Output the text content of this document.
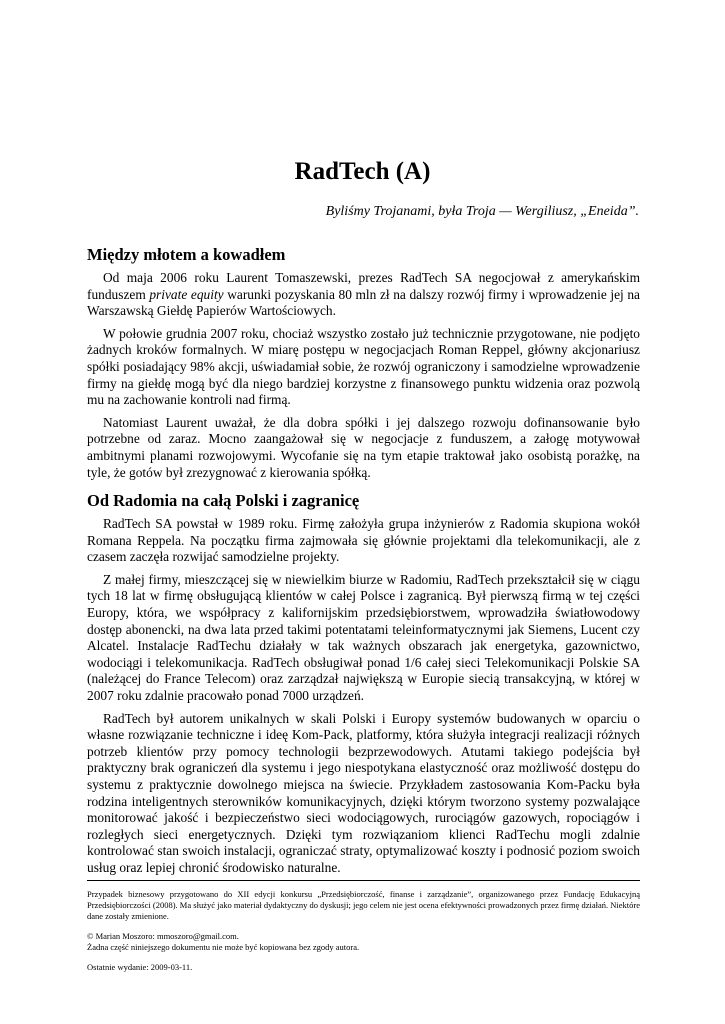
RadTech (A)

Byliśmy Trojanami, była Troja — Wergiliusz, „Eneida”.

Między młotem a kowadłem

Od maja 2006 roku Laurent Tomaszewski, prezes RadTech SA negocjował z amerykańskim funduszem private equity warunki pozyskania 80 mln zł na dalszy rozwój firmy i wprowadzenie jej na Warszawską Giełdę Papierów Wartościowych.

W połowie grudnia 2007 roku, chociaż wszystko zostało już technicznie przygotowane, nie podjęto żadnych kroków formalnych. W miarę postępu w negocjacjach Roman Reppel, główny akcjonariusz spółki posiadający 98% akcji, uświadamiał sobie, że rozwój ograniczony i samodzielne wprowadzenie firmy na giełdę mogą być dla niego bardziej korzystne z finansowego punktu widzenia oraz pozwolą mu na zachowanie kontroli nad firmą.

Natomiast Laurent uważał, że dla dobra spółki i jej dalszego rozwoju dofinansowanie było potrzebne od zaraz. Mocno zaangażował się w negocjacje z funduszem, a załogę motywował ambitnymi planami rozwojowymi. Wycofanie się na tym etapie traktował jako osobistą porażkę, na tyle, że gotów był zrezygnować z kierowania spółką.

Od Radomia na całą Polski i zagranicę

RadTech SA powstał w 1989 roku. Firmę założyła grupa inżynierów z Radomia skupiona wokół Romana Reppela. Na początku firma zajmowała się głównie projektami dla telekomunikacji, ale z czasem zaczęła rozwijać samodzielne projekty.

Z małej firmy, mieszczącej się w niewielkim biurze w Radomiu, RadTech przekształcił się w ciągu tych 18 lat w firmę obsługującą klientów w całej Polsce i zagranicą. Był pierwszą firmą w tej części Europy, która, we współpracy z kalifornijskim przedsiębiorstwem, wprowadziła światłowodowy dostęp abonencki, na dwa lata przed takimi potentatami teleinformatycznymi jak Siemens, Lucent czy Alcatel. Instalacje RadTechu działały w tak ważnych obszarach jak energetyka, gazownictwo, wodociągi i telekomunikacja. RadTech obsługiwał ponad 1/6 całej sieci Telekomunikacji Polskie SA (należącej do France Telecom) oraz zarządzał największą w Europie siecią transakcyjną, w której w 2007 roku zdalnie pracowało ponad 7000 urządzeń.

RadTech był autorem unikalnych w skali Polski i Europy systemów budowanych w oparciu o własne rozwiązanie techniczne i ideę Kom-Pack, platformy, która służyła integracji realizacji różnych potrzeb klientów przy pomocy technologii bezprzewodowych. Atutami takiego podejścia był praktyczny brak ograniczeń dla systemu i jego niespotykana elastyczność oraz możliwość dostępu do systemu z praktycznie dowolnego miejsca na świecie. Przykładem zastosowania Kom-Packu była rodzina inteligentnych sterowników komunikacyjnych, dzięki którym tworzono systemy pozwalające monitorować jakość i bezpieczeństwo sieci wodociągowych, rurociągów gazowych, ropociągów i rozległych sieci energetycznych. Dzięki tym rozwiązaniom klienci RadTechu mogli zdalnie kontrolować stan swoich instalacji, ograniczać straty, optymalizować koszty i podnosić poziom swoich usług oraz lepiej chronić środowisko naturalne.

Przypadek biznesowy przygotowano do XII edycji konkursu „Przedsiębiorczość, finanse i zarządzanie”, organizowanego przez Fundację Edukacyjną Przedsiębiorczości (2008). Ma służyć jako materiał dydaktyczny do dyskusji; jego celem nie jest ocena efektywności prowadzonych przez firmę działań. Niektóre dane zostały zmienione.

© Marian Moszoro: mmoszoro@gmail.com.
Żadna część niniejszego dokumentu nie może być kopiowana bez zgody autora.

Ostatnie wydanie: 2009-03-11.
